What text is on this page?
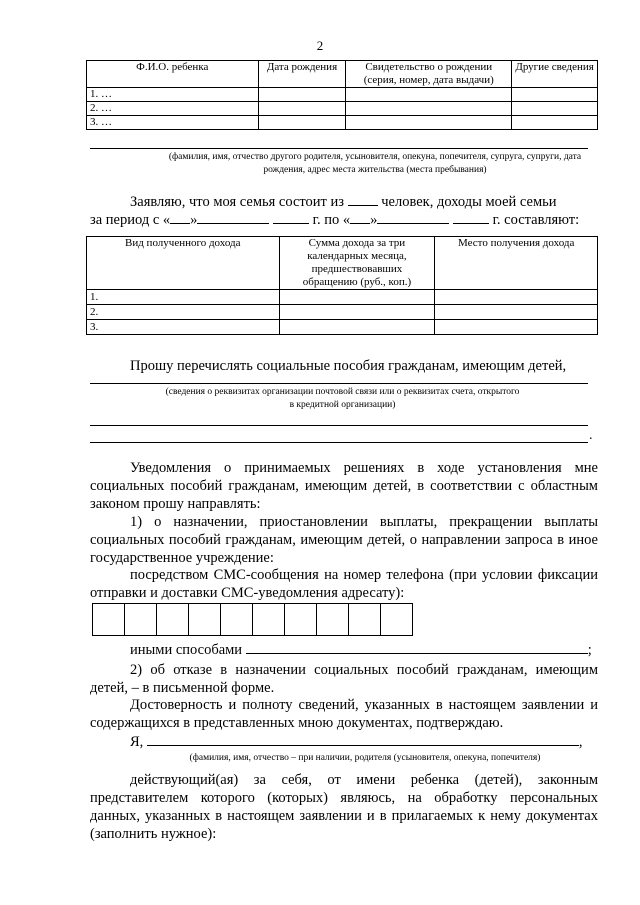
2
Ф.И.О. ребенка	Дата рождения	Свидетельство о рождении (серия, номер, дата выдачи)	Другие сведения
1. …			
2. …			
3. …			
(фамилия, имя, отчество другого родителя, усыновителя, опекуна, попечителя, супруга, супруги, дата рождения, адрес места жительства (места пребывания)
Заявляю, что моя семья состоит из	человек, доходы моей семьи
за период с « »	г. по « »	г. составляют:
Вид полученного дохода	Сумма дохода за три календарных месяца, предшествовавших обращению (руб., коп.)	Место получения дохода
1.		
2.		
3.		
Прошу перечислять социальные пособия гражданам, имеющим детей,
(сведения о реквизитах организации почтовой связи или о реквизитах счета, открытого в кредитной организации)
.
Уведомления о принимаемых решениях в ходе установления мне социальных пособий гражданам, имеющим детей, в соответствии с областным законом прошу направлять:
1) о назначении, приостановлении выплаты, прекращении выплаты социальных пособий гражданам, имеющим детей, о направлении запроса в иное государственное учреждение:
посредством СМС-сообщения на номер телефона (при условии фиксации отправки и доставки СМС-уведомления адресату):
иными способами	;
2) об отказе в назначении социальных пособий гражданам, имеющим детей, – в письменной форме.
Достоверность и полноту сведений, указанных в настоящем заявлении и содержащихся в представленных мною документах, подтверждаю.
Я,	,
(фамилия, имя, отчество – при наличии, родителя (усыновителя, опекуна, попечителя)
действующий(ая) за себя, от имени ребенка (детей), законным представителем которого (которых) являюсь, на обработку персональных данных, указанных в настоящем заявлении и в прилагаемых к нему документах (заполнить нужное):
